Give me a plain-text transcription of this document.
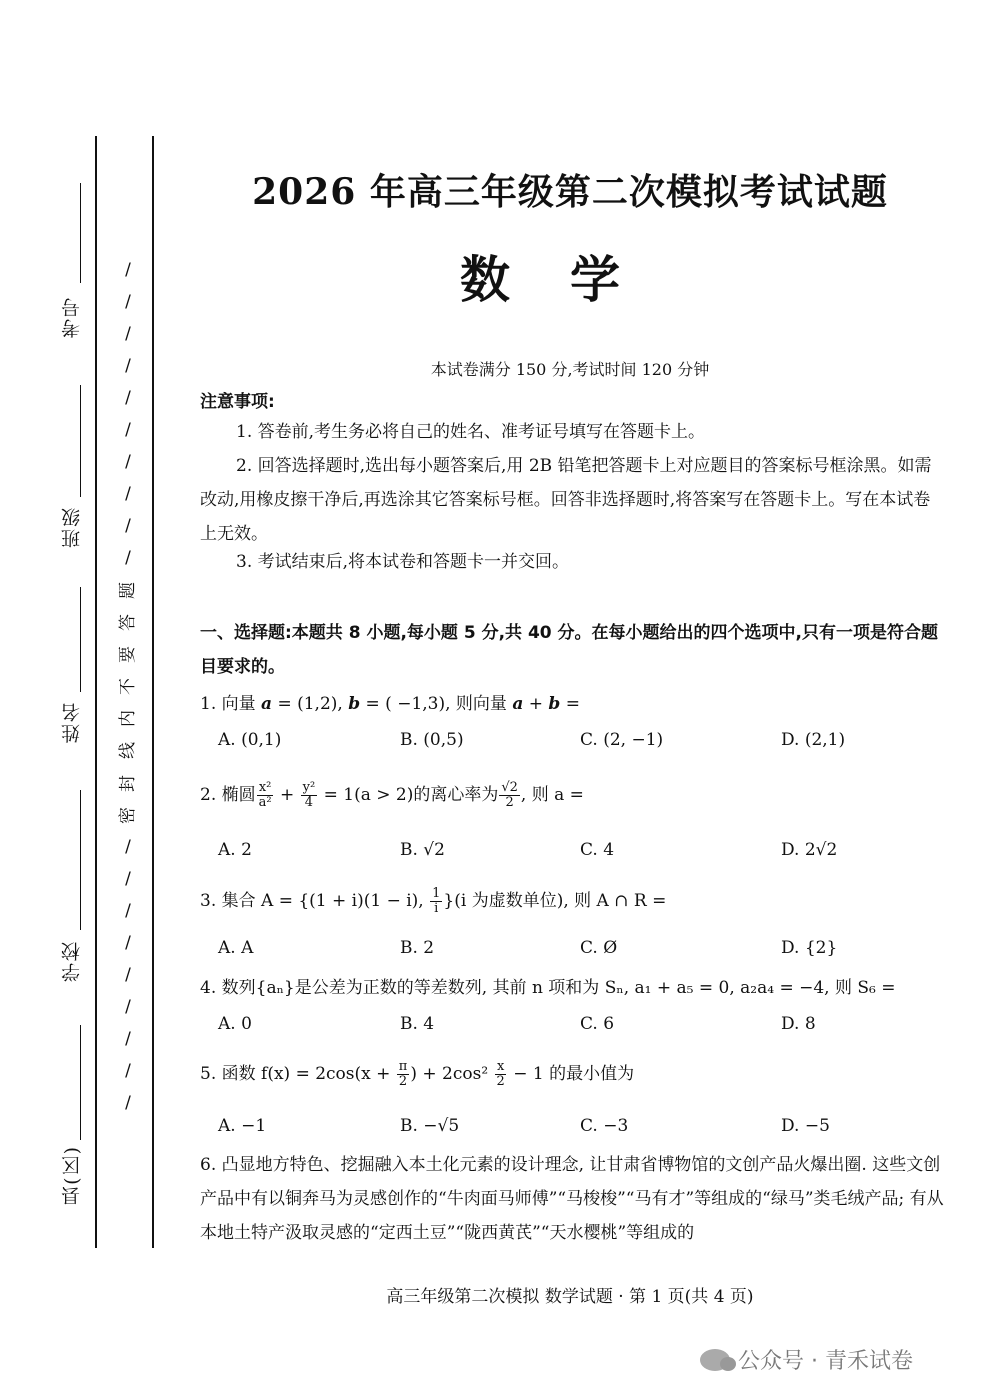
考号
班级
姓名
学校
县(区)
/
/
/
/
/
/
/
/
/
/
题
答
要
不
内
线
封
密
/
/
/
/
/
/
/
/
/
2026 年高三年级第二次模拟考试试题
数学
本试卷满分 150 分,考试时间 120 分钟
注意事项:
1. 答卷前,考生务必将自己的姓名、准考证号填写在答题卡上。
2. 回答选择题时,选出每小题答案后,用 2B 铅笔把答题卡上对应题目的答案标号框涂黑。如需改动,用橡皮擦干净后,再选涂其它答案标号框。回答非选择题时,将答案写在答题卡上。写在本试卷上无效。
3. 考试结束后,将本试卷和答题卡一并交回。
一、选择题:本题共 8 小题,每小题 5 分,共 40 分。在每小题给出的四个选项中,只有一项是符合题目要求的。
1. 向量 a = (1,2), b = ( −1,3), 则向量 a + b =
A. (0,1)	B. (0,5)	C. (2, −1)	D. (2,1)
2. 椭圆 $\frac{\text{x²}}{\text{a²}} + \frac{\text{y²}}{4} = 1(a > 2)$的离心率为 $\frac{√2}{2}$ , 则 a =
A. 2	B. √2	C. 4	D. 2√2
3. 集合 A = {(1 + i)(1 − i), $\frac{1}{i} \}(i$ 为虚数单位), 则 A ∩ R =
A. A	B. 2	C. Ø	D. {2}
4. 数列{aₙ}是公差为正数的等差数列, 其前 n 项和为 Sₙ, a₁ + a₅ = 0, a₂a₄ = −4, 则 S₆ =
A. 0	B. 4	C. 6	D. 8
5. 函数 $f(x) = 2\cos(x + \frac{\pi}{2}$ ) + $2\cos^2 \frac{x}{2} - 1$ 的最小值为
A. −1	B. −√5	C. −3	D. −5
6. 凸显地方特色、挖掘融入本土化元素的设计理念, 让甘肃省博物馆的文创产品火爆出圈. 这些文创产品中有以铜奔马为灵感创作的“牛肉面马师傅”“马梭梭”“马有才”等组成的“绿马”类毛绒产品; 有从本地土特产汲取灵感的“定西土豆”“陇西黄芪”“天水樱桃”等组成的
高三年级第二次模拟 数学试题 · 第 1 页(共 4 页)
公众号 · 青禾试卷
